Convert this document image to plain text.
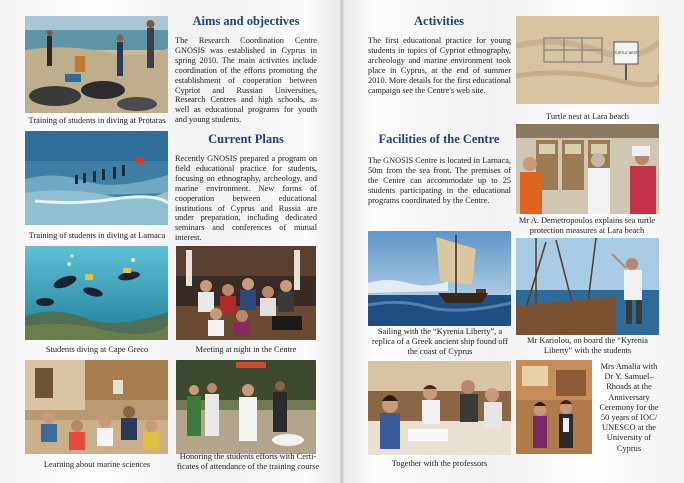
Training of students in diving at Protaras
Aims and objectives

The Research Coordination Centre GNOSIS was established in Cyprus in spring 2010. The main activities include coordination of the efforts promoting the establishment of cooperation between Cypriot and Russian Universities, Research Centres and high schools, as well as educational programs for youth and young students.

Training of students in diving at Larnaca
Current Plans

Recently GNOSIS prepared a program on field educational practice for students, focusing on ethnography, archeology, and marine environment. New forms of cooperation between educational institutions of Cyprus and Russia are under preparation, including dedicated seminars and conferences of mutual interest.

Students diving at Cape Greco	Meeting at night in the Centre
Learning about marine sciences
Honoring the students efforts with Certi-ficates of attendance of the training course
Activities

The first educational practice for young students in topics of Cypriot ethnography, archeology and marine environment took place in Cyprus, at the end of summer 2010. More details for the first educational campaign see the Centre's web site.

TURTLE NEST
Turtle nest at Lara beach
Facilities of the Centre

The GNOSIS Centre is located in Larnaca, 50m from the sea front. The premises of the Centre can accommodate up to 25 students participating in the educational programs coordinated by the Centre.

Mr A. Demetropoulos explains sea turtle protection measures at Lara beach
Sailing with the “Kyrenia Liberty”, a replica of a Greek ancient ship found off the coast of Cyprus
Mr Kariolou, on board the “Kyrenia Liberty” with the students
Together with the professors
Mrs Amalia with Dr Y. Samuel– Rhoads at the Anniversary Ceremony for the 50 years of IOC/ UNESCO at the University of Cyprus
